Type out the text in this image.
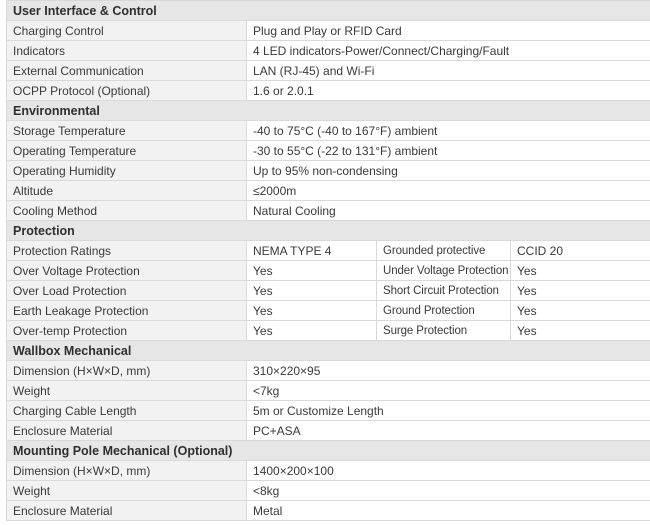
User Interface & Control			
Charging Control	Plug and Play or RFID Card		
Indicators	4 LED indicators-Power/Connect/Charging/Fault		
External Communication	LAN (RJ-45) and Wi-Fi		
OCPP Protocol (Optional)	1.6 or 2.0.1		
Environmental			
Storage Temperature	-40 to 75°C (-40 to 167°F) ambient		
Operating Temperature	-30 to 55°C (-22 to 131°F) ambient		
Operating Humidity	Up to 95% non-condensing		
Altitude	≤2000m		
Cooling Method	Natural Cooling		
Protection			
Protection Ratings	NEMA TYPE 4	Grounded protective	CCID 20
Over Voltage Protection	Yes	Under Voltage Protection	Yes
Over Load Protection	Yes	Short Circuit Protection	Yes
Earth Leakage Protection	Yes	Ground Protection	Yes
Over-temp Protection	Yes	Surge Protection	Yes
Wallbox Mechanical			
Dimension (H×W×D, mm)	310×220×95		
Weight	<7kg		
Charging Cable Length	5m or Customize Length		
Enclosure Material	PC+ASA		
Mounting Pole Mechanical (Optional)			
Dimension (H×W×D, mm)	1400×200×100		
Weight	<8kg		
Enclosure Material	Metal		
